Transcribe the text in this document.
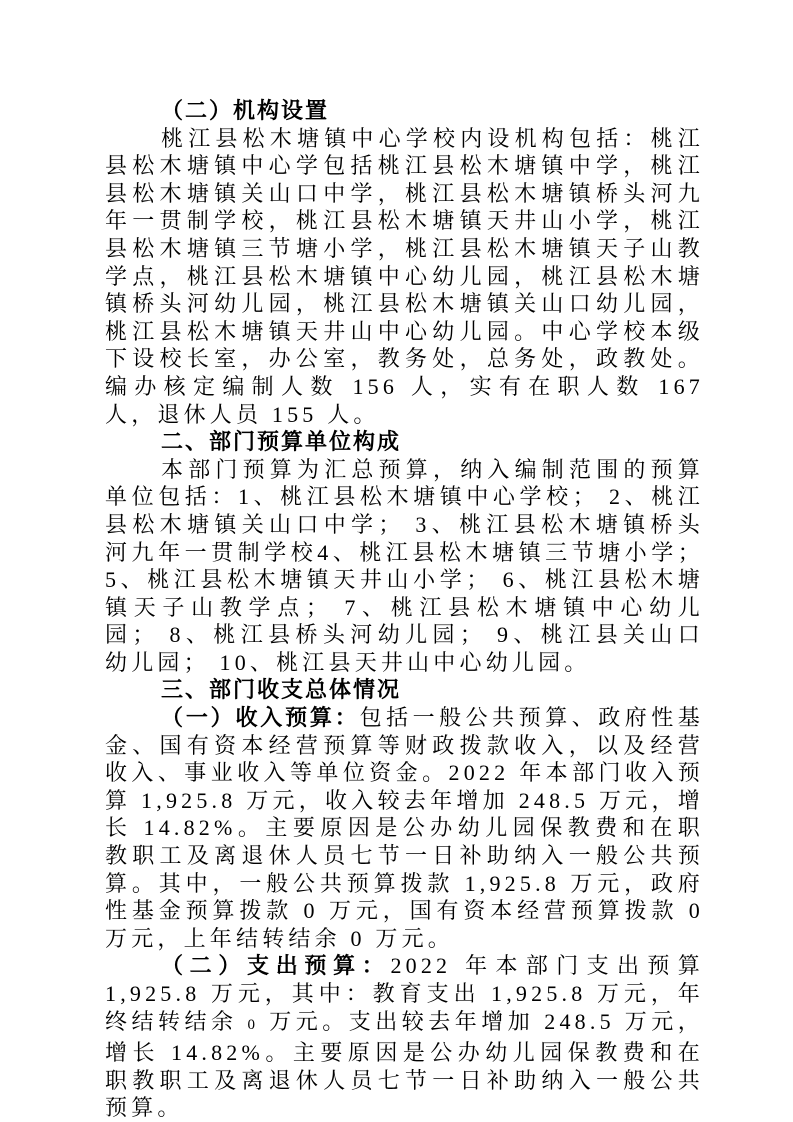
（二）机构设置

桃江县松木塘镇中心学校内设机构包括：桃江县松木塘镇中心学包括桃江县松木塘镇中学，桃江县松木塘镇关山口中学，桃江县松木塘镇桥头河九年一贯制学校，桃江县松木塘镇天井山小学，桃江县松木塘镇三节塘小学，桃江县松木塘镇天子山教学点，桃江县松木塘镇中心幼儿园，桃江县松木塘镇桥头河幼儿园，桃江县松木塘镇关山口幼儿园，桃江县松木塘镇天井山中心幼儿园。中心学校本级下设校长室，办公室，教务处，总务处，政教处。编办核定编制人数 156 人，实有在职人数 167 人，退休人员 155 人。

二、部门预算单位构成

本部门预算为汇总预算，纳入编制范围的预算单位包括：1、桃江县松木塘镇中心学校； 2、桃江县松木塘镇关山口中学； 3、桃江县松木塘镇桥头河九年一贯制学校4、桃江县松木塘镇三节塘小学； 5、桃江县松木塘镇天井山小学； 6、桃江县松木塘镇天子山教学点； 7、桃江县松木塘镇中心幼儿园； 8、桃江县桥头河幼儿园； 9、桃江县关山口幼儿园； 10、桃江县天井山中心幼儿园。

三、部门收支总体情况

（一）收入预算：包括一般公共预算、政府性基金、国有资本经营预算等财政拨款收入，以及经营收入、事业收入等单位资金。2022 年本部门收入预算 1,925.8 万元，收入较去年增加 248.5 万元，增长 14.82%。主要原因是公办幼儿园保教费和在职教职工及离退休人员七节一日补助纳入一般公共预算。其中，一般公共预算拨款 1,925.8 万元，政府性基金预算拨款 0 万元，国有资本经营预算拨款 0 万元，上年结转结余 0 万元。

（二）支出预算：2022 年本部门支出预算 1,925.8 万元，其中：教育支出 1,925.8 万元，年终结转结余 0 万元。支出较去年增加 248.5 万元，增长 14.82%。主要原因是公办幼儿园保教费和在职教职工及离退休人员七节一日补助纳入一般公共预算。
